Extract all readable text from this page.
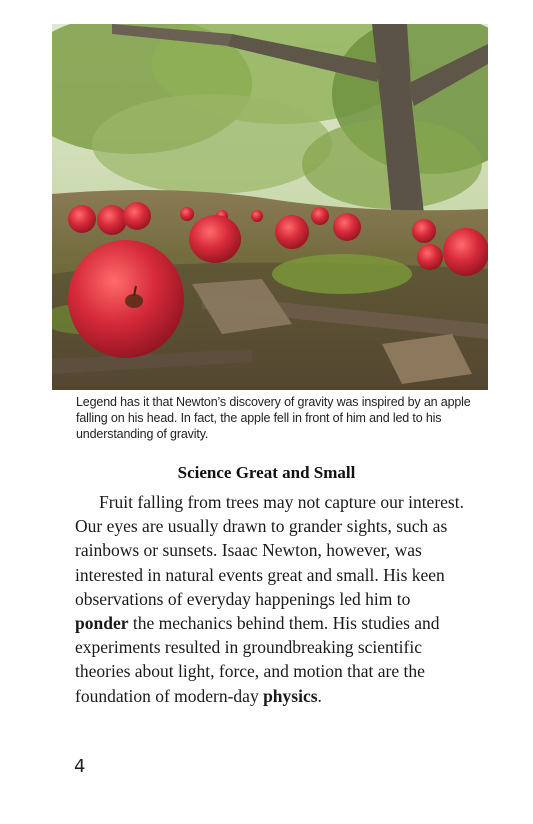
Legend has it that Newton’s discovery of gravity was inspired by an apple falling on his head. In fact, the apple fell in front of him and led to his understanding of gravity.
Science Great and Small
Fruit falling from trees may not capture our interest. Our eyes are usually drawn to grander sights, such as rainbows or sunsets. Isaac Newton, however, was interested in natural events great and small. His keen observations of everyday happenings led him to ponder the mechanics behind them. His studies and experiments resulted in groundbreaking scientific theories about light, force, and motion that are the foundation of modern-day physics.
4
